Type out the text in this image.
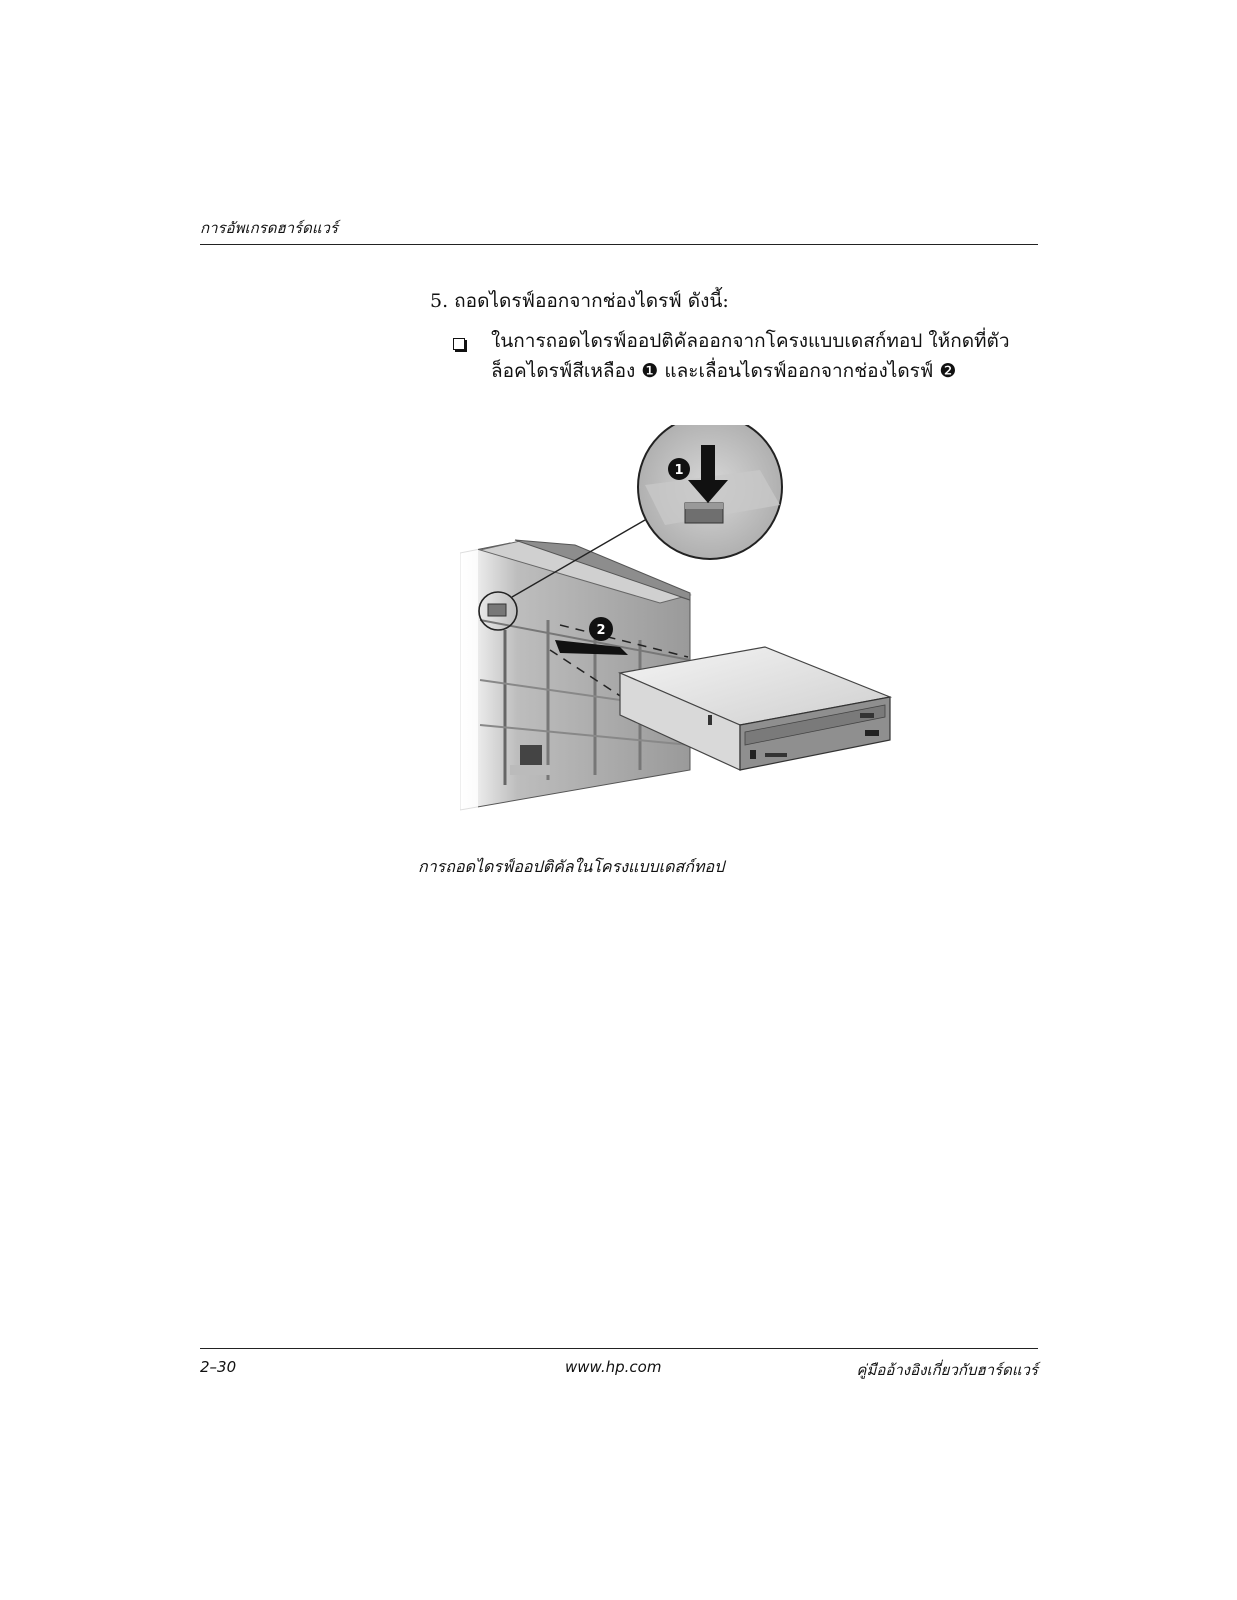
การอัพเกรดฮาร์ดแวร์
5. ถอดไดรฟ์ออกจากช่องไดรฟ์ ดังนี้:
ในการถอดไดรฟ์ออปติคัลออกจากโครงแบบเดสก์ทอป ให้กดที่ตัว
ล็อคไดรฟ์สีเหลือง ❶ และเลื่อนไดรฟ์ออกจากช่องไดรฟ์ ❷
1
2
การถอดไดรฟ์ออปติคัลในโครงแบบเดสก์ทอป
2–30	www.hp.com	คู่มืออ้างอิงเกี่ยวกับฮาร์ดแวร์
